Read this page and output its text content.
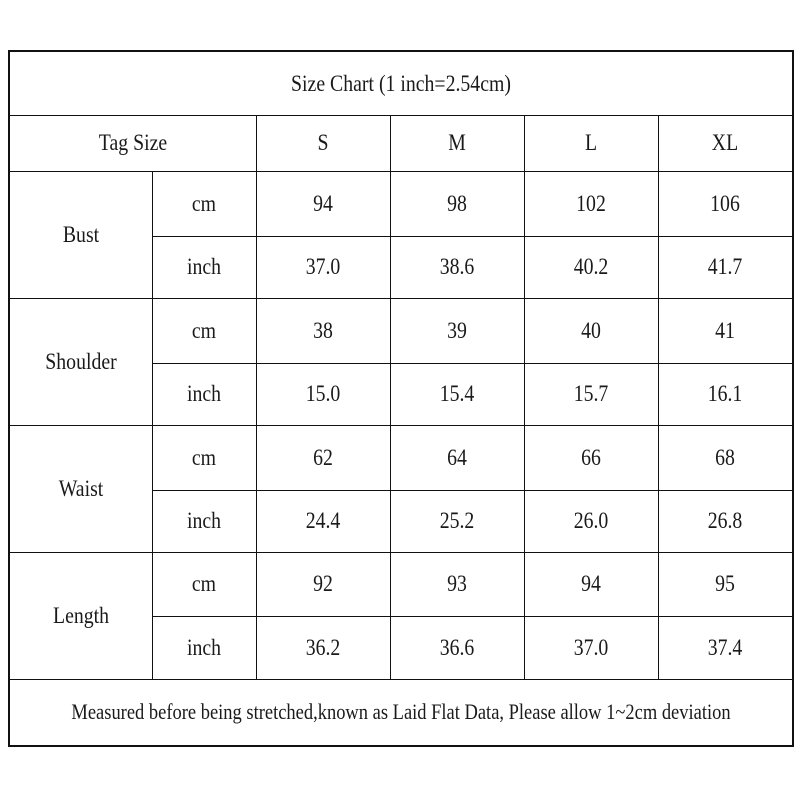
Size Chart (1 inch=2.54cm)
Tag Size	S	M	L	XL
Bust
cm	94	98	102	106
inch	37.0	38.6	40.2	41.7
Shoulder
cm	38	39	40	41
inch	15.0	15.4	15.7	16.1
Waist
cm	62	64	66	68
inch	24.4	25.2	26.0	26.8
Length
cm	92	93	94	95
inch	36.2	36.6	37.0	37.4
Measured before being stretched,known as Laid Flat Data, Please allow 1~2cm deviation
